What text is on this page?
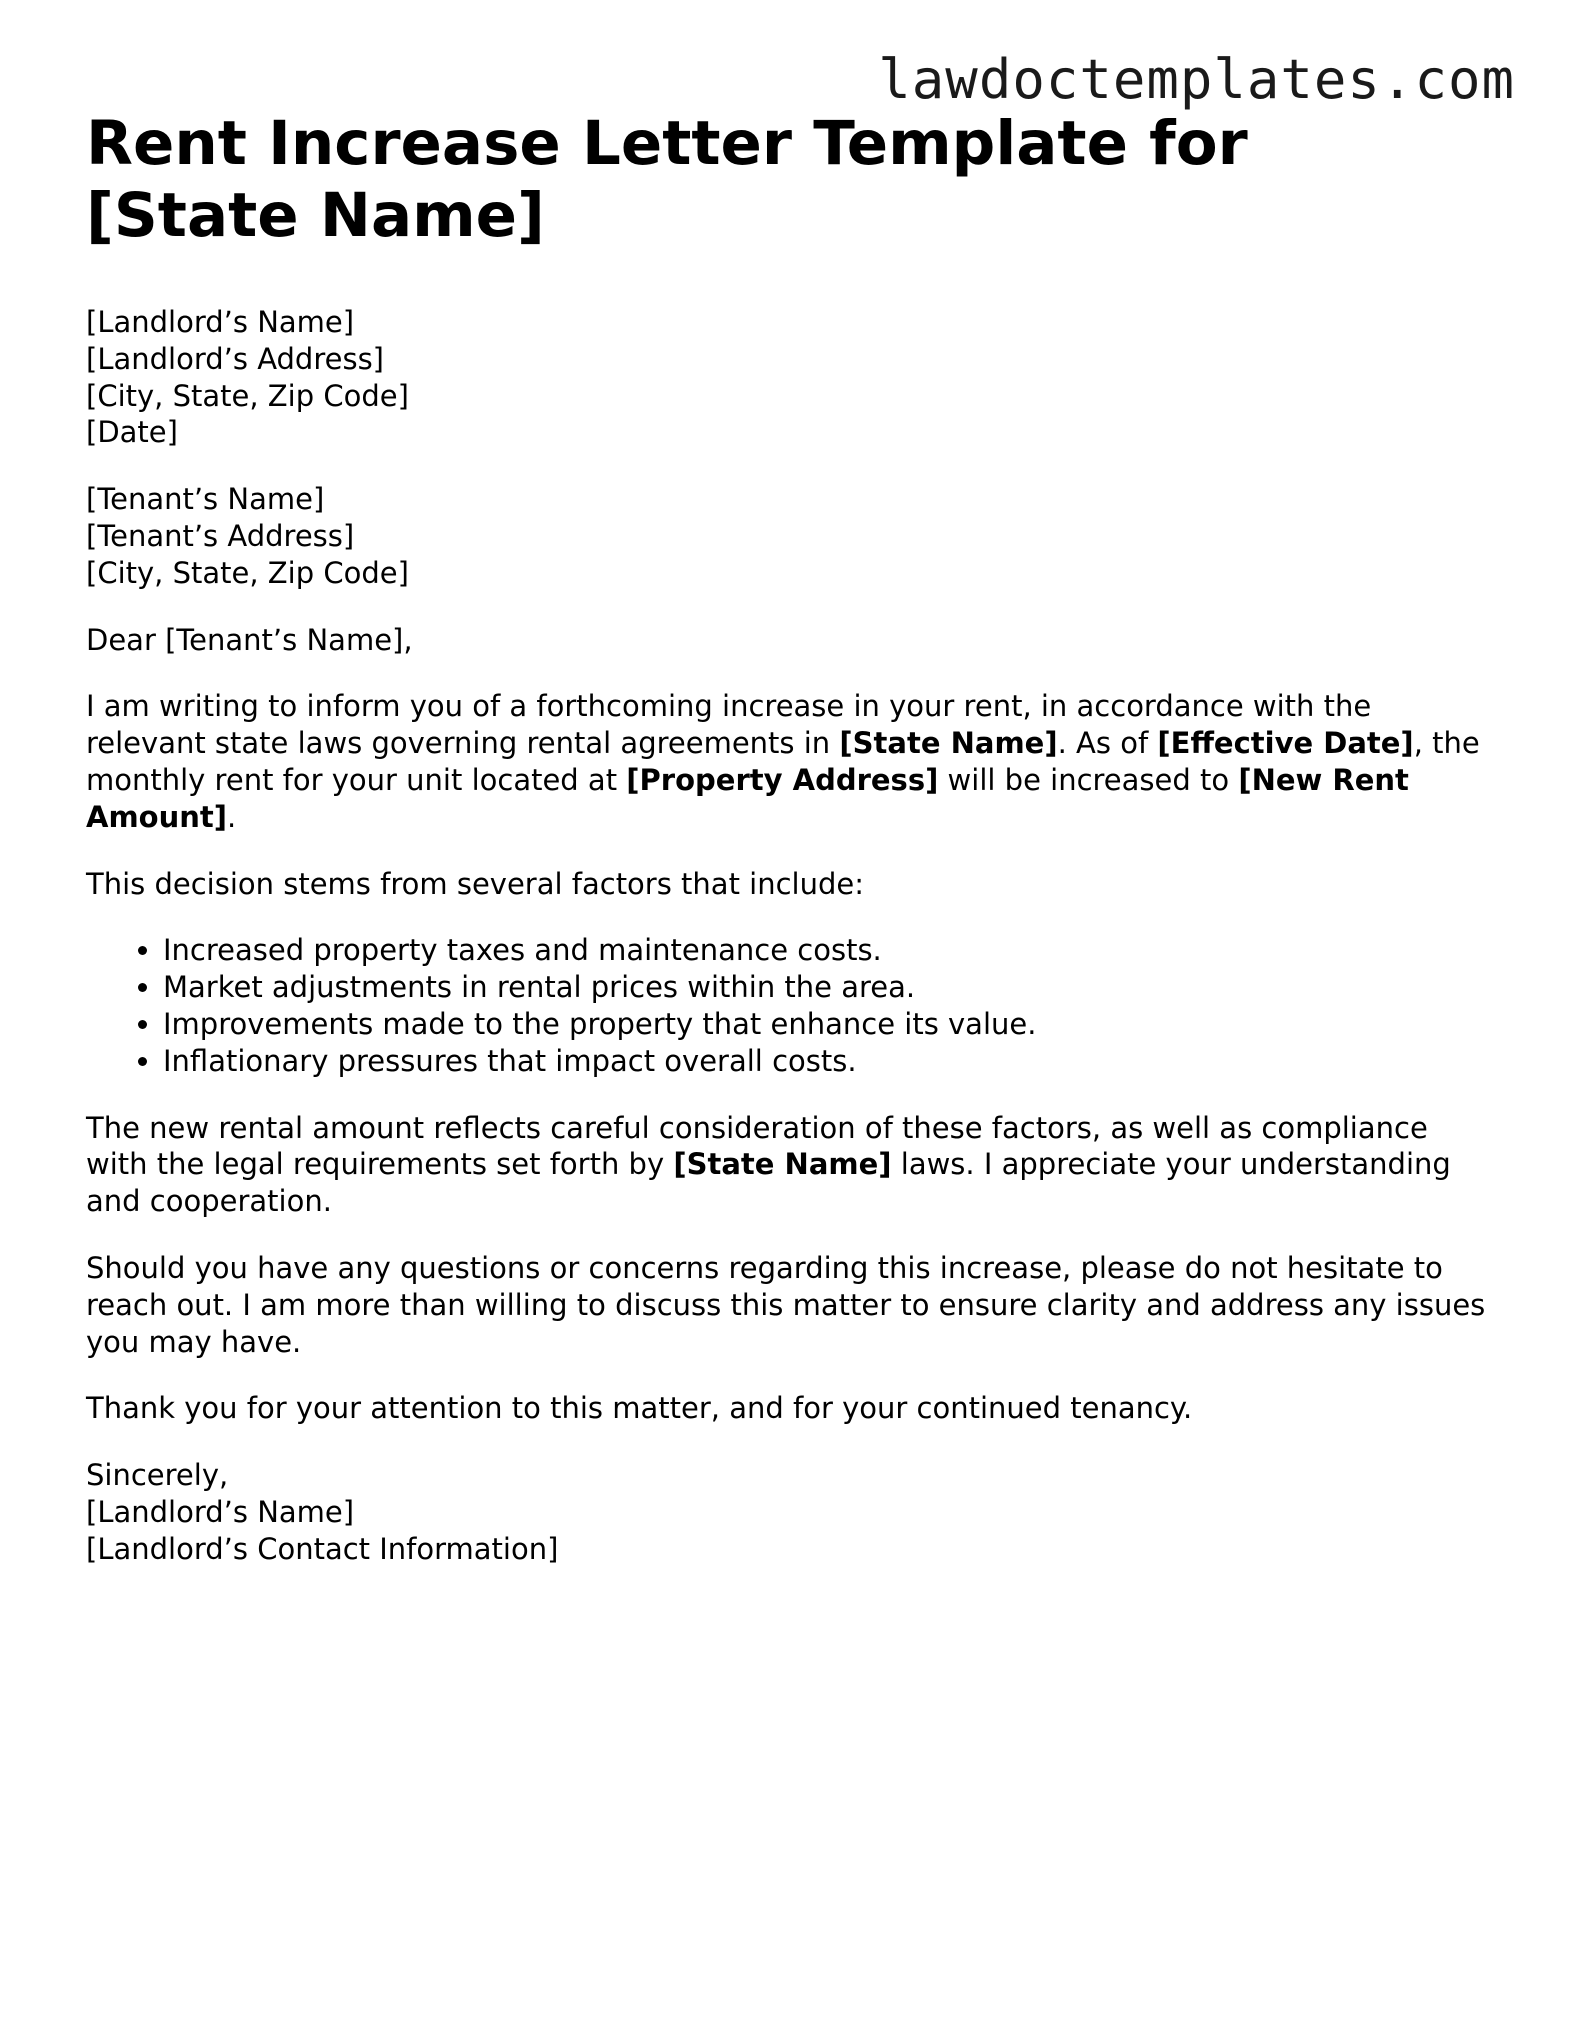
lawdoctemplates.com
Rent Increase Letter Template for [State Name]

[Landlord’s Name]
[Landlord’s Address]
[City, State, Zip Code]
[Date]

[Tenant’s Name]
[Tenant’s Address]
[City, State, Zip Code]

Dear [Tenant’s Name],

I am writing to inform you of a forthcoming increase in your rent, in accordance with the relevant state laws governing rental agreements in [State Name]. As of [Effective Date], the monthly rent for your unit located at [Property Address] will be increased to [New Rent Amount].

This decision stems from several factors that include:

• Increased property taxes and maintenance costs.
• Market adjustments in rental prices within the area.
• Improvements made to the property that enhance its value.
• Inflationary pressures that impact overall costs.

The new rental amount reflects careful consideration of these factors, as well as compliance with the legal requirements set forth by [State Name] laws. I appreciate your understanding and cooperation.

Should you have any questions or concerns regarding this increase, please do not hesitate to reach out. I am more than willing to discuss this matter to ensure clarity and address any issues you may have.

Thank you for your attention to this matter, and for your continued tenancy.

Sincerely,
[Landlord’s Name]
[Landlord’s Contact Information]
